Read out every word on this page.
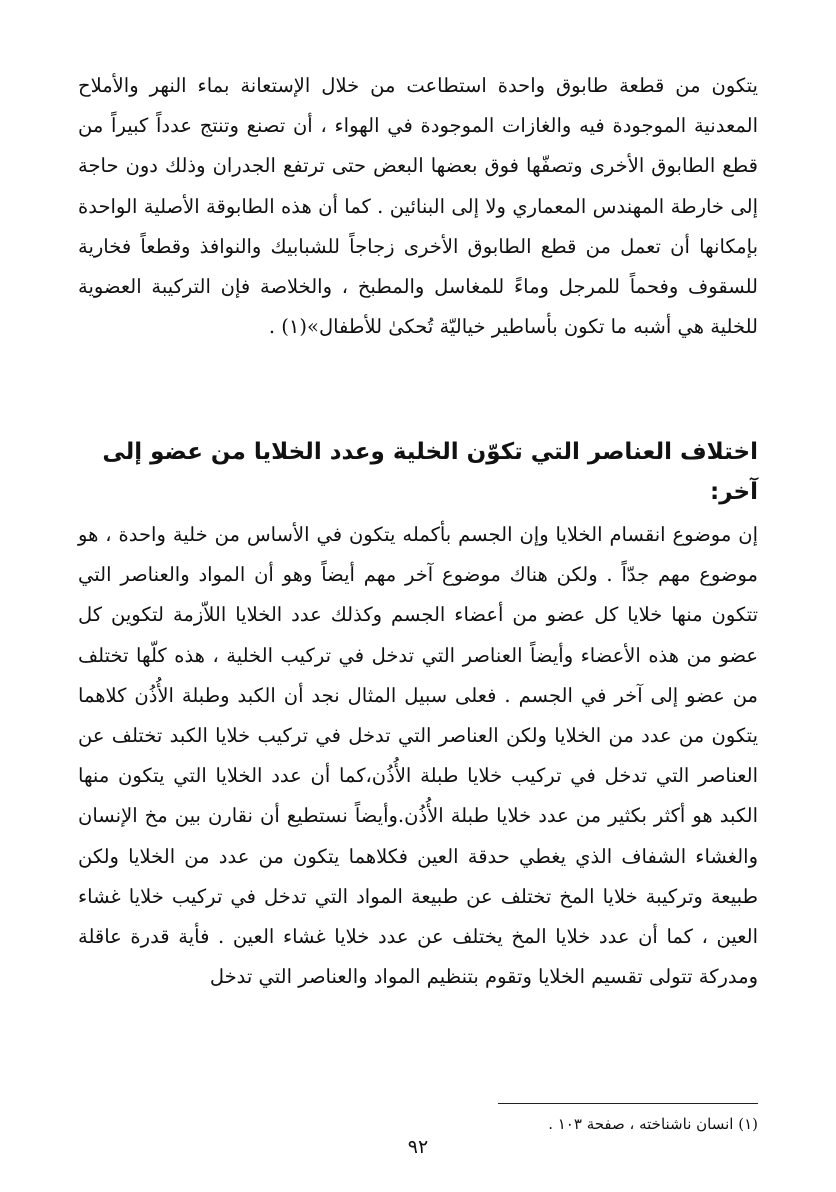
يتكون من قطعة طابوق واحدة استطاعت من خلال الإستعانة بماء النهر والأملاح المعدنية الموجودة فيه والغازات الموجودة في الهواء ، أن تصنع وتنتج عدداً كبيراً من قطع الطابوق الأخرى وتصفّها فوق بعضها البعض حتى ترتفع الجدران وذلك دون حاجة إلى خارطة المهندس المعماري ولا إلى البنائين . كما أن هذه الطابوقة الأصلية الواحدة بإمكانها أن تعمل من قطع الطابوق الأخرى زجاجاً للشبابيك والنوافذ وقطعاً فخارية للسقوف وفحماً للمرجل وماءً للمغاسل والمطبخ ، والخلاصة فإن التركيبة العضوية للخلية هي أشبه ما تكون بأساطير خياليّة تُحكىٰ للأطفال»(١) .

اختلاف العناصر التي تكوّن الخلية وعدد الخلايا من عضو إلى آخر:

إن موضوع انقسام الخلايا وإن الجسم بأكمله يتكون في الأساس من خلية واحدة ، هو موضوع مهم جدّاً . ولكن هناك موضوع آخر مهم أيضاً وهو أن المواد والعناصر التي تتكون منها خلايا كل عضو من أعضاء الجسم وكذلك عدد الخلايا اللاّزمة لتكوين كل عضو من هذه الأعضاء وأيضاً العناصر التي تدخل في تركيب الخلية ، هذه كلّها تختلف من عضو إلى آخر في الجسم . فعلى سبيل المثال نجد أن الكبد وطبلة الأُذُن كلاهما يتكون من عدد من الخلايا ولكن العناصر التي تدخل في تركيب خلايا الكبد تختلف عن العناصر التي تدخل في تركيب خلايا طبلة الأُذُن،كما أن عدد الخلايا التي يتكون منها الكبد هو أكثر بكثير من عدد خلايا طبلة الأُذُن.وأيضاً نستطيع أن نقارن بين مخ الإنسان والغشاء الشفاف الذي يغطي حدقة العين فكلاهما يتكون من عدد من الخلايا ولكن طبيعة وتركيبة خلايا المخ تختلف عن طبيعة المواد التي تدخل في تركيب خلايا غشاء العين ، كما أن عدد خلايا المخ يختلف عن عدد خلايا غشاء العين . فأية قدرة عاقلة ومدركة تتولى تقسيم الخلايا وتقوم بتنظيم المواد والعناصر التي تدخل

(١) انسان ناشناخته ، صفحة ١٠٣ .

٩٢
